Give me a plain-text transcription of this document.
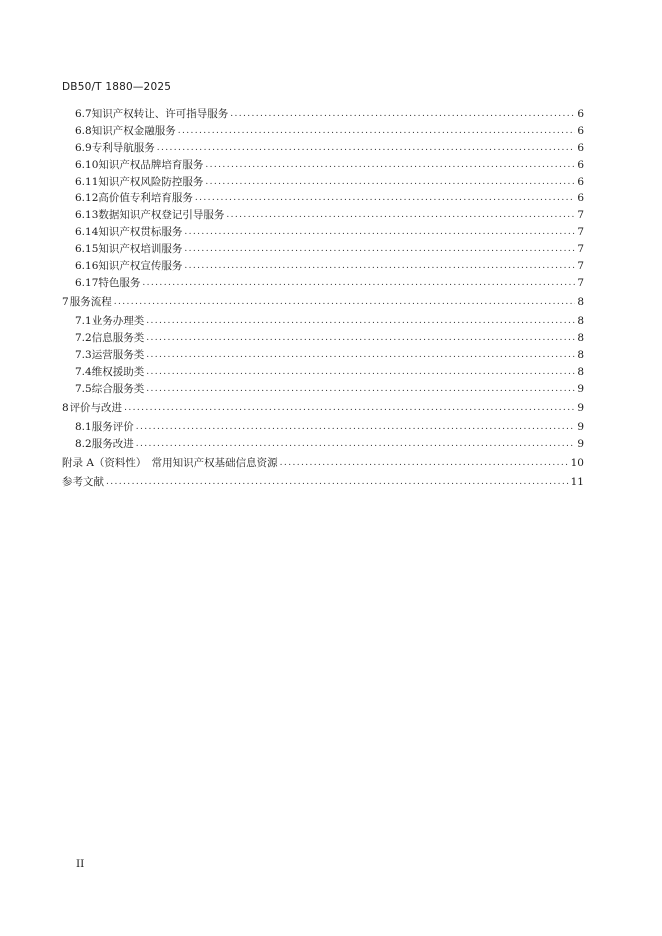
DB50/T 1880—2025
6.7 知识产权转让、许可指导服务 .....	6
6.8 知识产权金融服务 .....	6
6.9 专利导航服务 .....	6
6.10 知识产权品牌培育服务 .....	6
6.11 知识产权风险防控服务 .....	6
6.12 高价值专利培育服务 .....	6
6.13 数据知识产权登记引导服务 .....	7
6.14 知识产权贯标服务 .....	7
6.15 知识产权培训服务 .....	7
6.16 知识产权宣传服务 .....	7
6.17 特色服务 .....	7
7 服务流程 .....	8
7.1 业务办理类 .....	8
7.2 信息服务类 .....	8
7.3 运营服务类 .....	8
7.4 维权援助类 .....	8
7.5 综合服务类 .....	9
8 评价与改进 .....	9
8.1 服务评价 .....	9
8.2 服务改进 .....	9
附录 A（资料性）　常用知识产权基础信息资源 .....	10
参考文献 .....	11
II
